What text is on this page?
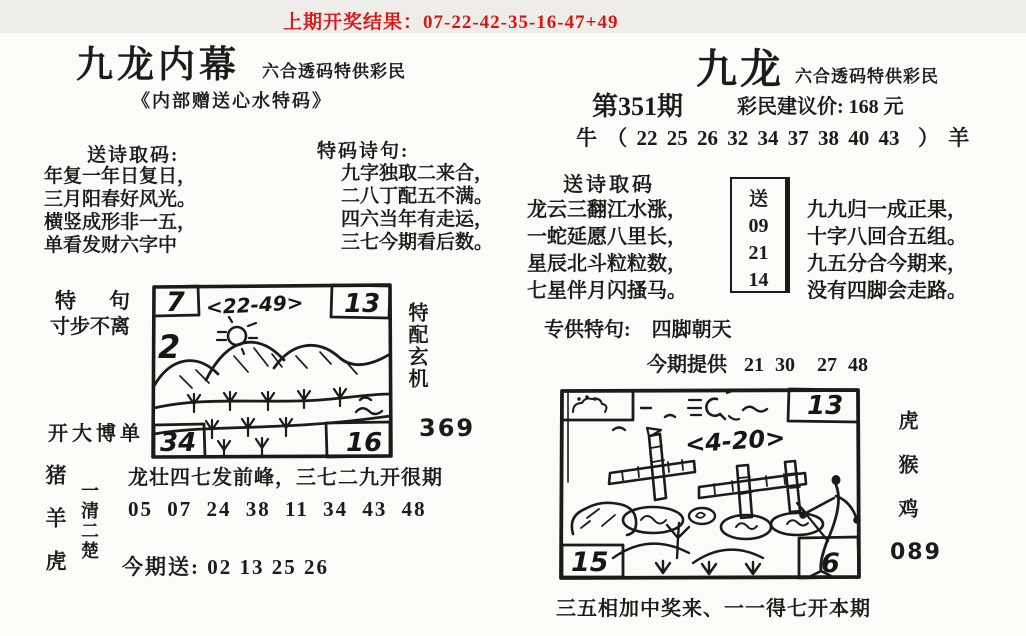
上期开奖结果：07-22-42-35-16-47+49
九龙内幕 六合透码特供彩民
《内部赠送心水特码》
送诗取码:
年复一年日复日，
三月阳春好风光。
横竖成形非一五，
单看发财六字中
特码诗句:
九字独取二来合，
二八丁配五不满。
四六当年有走运，
三七今期看后数。
九龙 六合透码特供彩民
第351期	彩民建议价: 168 元
牛 （ 22 25 26 32 34 37 38 40 43  ） 羊
送诗取码
龙云三翻江水涨，
一蛇延愿八里长，
星辰北斗粒粒数，
七星伴月闪搔马。
送
09
21
14
九九归一成正果，
十字八回合五组。
九五分合今期来，
没有四脚会走路。
专供特句: 四脚朝天
今期提供 21 30  27 48
特　句
寸步不离
开大博单
特配玄机
369
7	13
<22-49>
2
34	16
猪羊虎 一清二楚
龙壮四七发前峰，三七二九开很期
05 07 24 38 11 34 43 48
今期送: 02 13 25 26
13
<4-20>
15	6
虎猴鸡
089
三五相加中奖来、一一得七开本期
